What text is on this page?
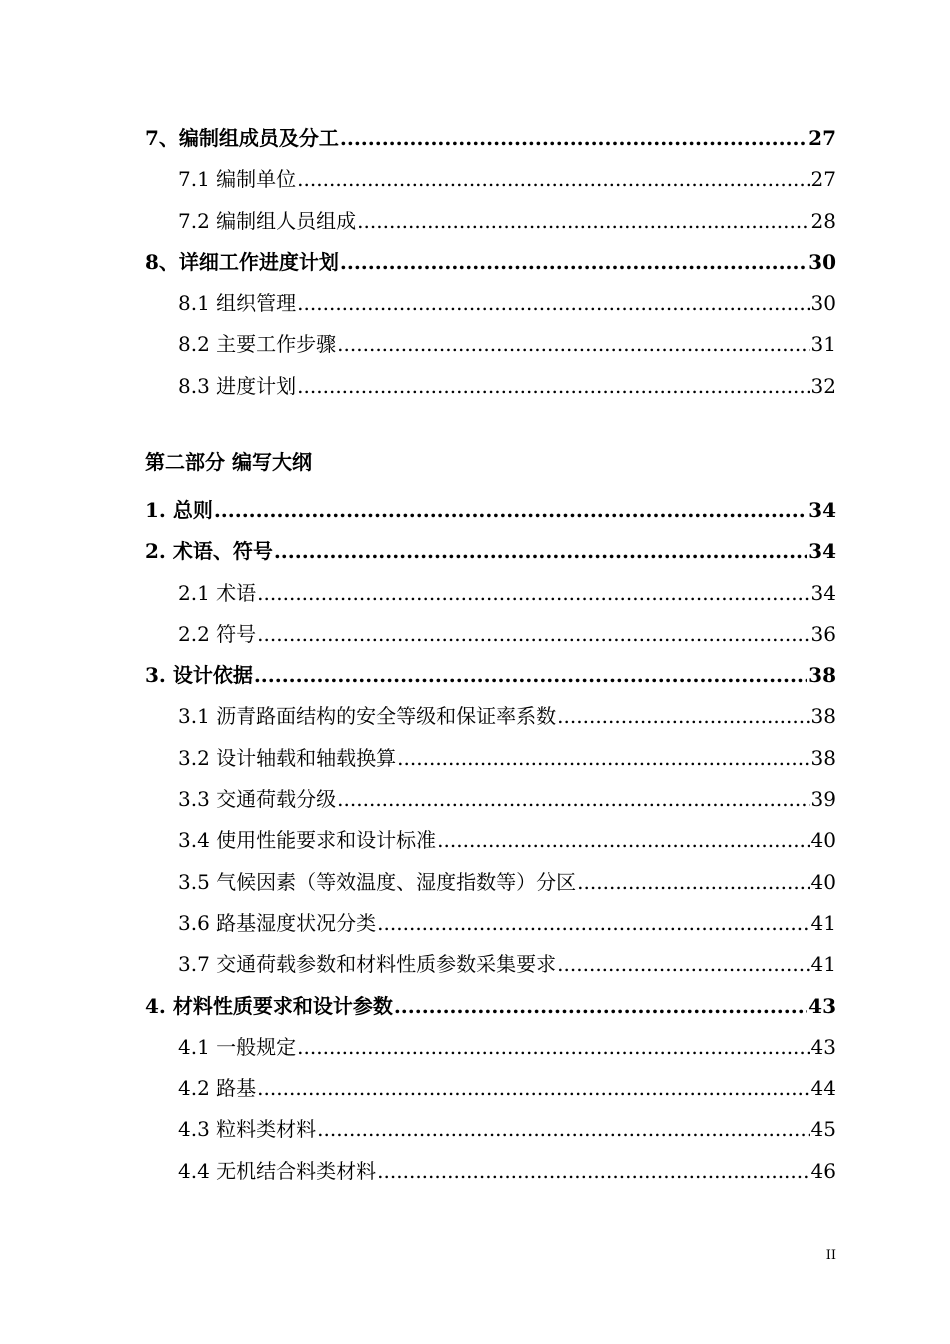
7、编制组成员及分工 .....	27
7.1 编制单位 .....	27
7.2 编制组人员组成 .....	28
8、详细工作进度计划 .....	30
8.1 组织管理 .....	30
8.2 主要工作步骤 .....	31
8.3 进度计划 .....	32
第二部分 编写大纲
1. 总则 .....	34
2. 术语、符号 .....	34
2.1 术语 .....	34
2.2 符号 .....	36
3. 设计依据 .....	38
3.1 沥青路面结构的安全等级和保证率系数 .....	38
3.2 设计轴载和轴载换算 .....	38
3.3 交通荷载分级 .....	39
3.4 使用性能要求和设计标准 .....	40
3.5 气候因素（等效温度、湿度指数等）分区 .....	40
3.6 路基湿度状况分类 .....	41
3.7 交通荷载参数和材料性质参数采集要求 .....	41
4. 材料性质要求和设计参数 .....	43
4.1 一般规定 .....	43
4.2 路基 .....	44
4.3 粒料类材料 .....	45
4.4 无机结合料类材料 .....	46
II
